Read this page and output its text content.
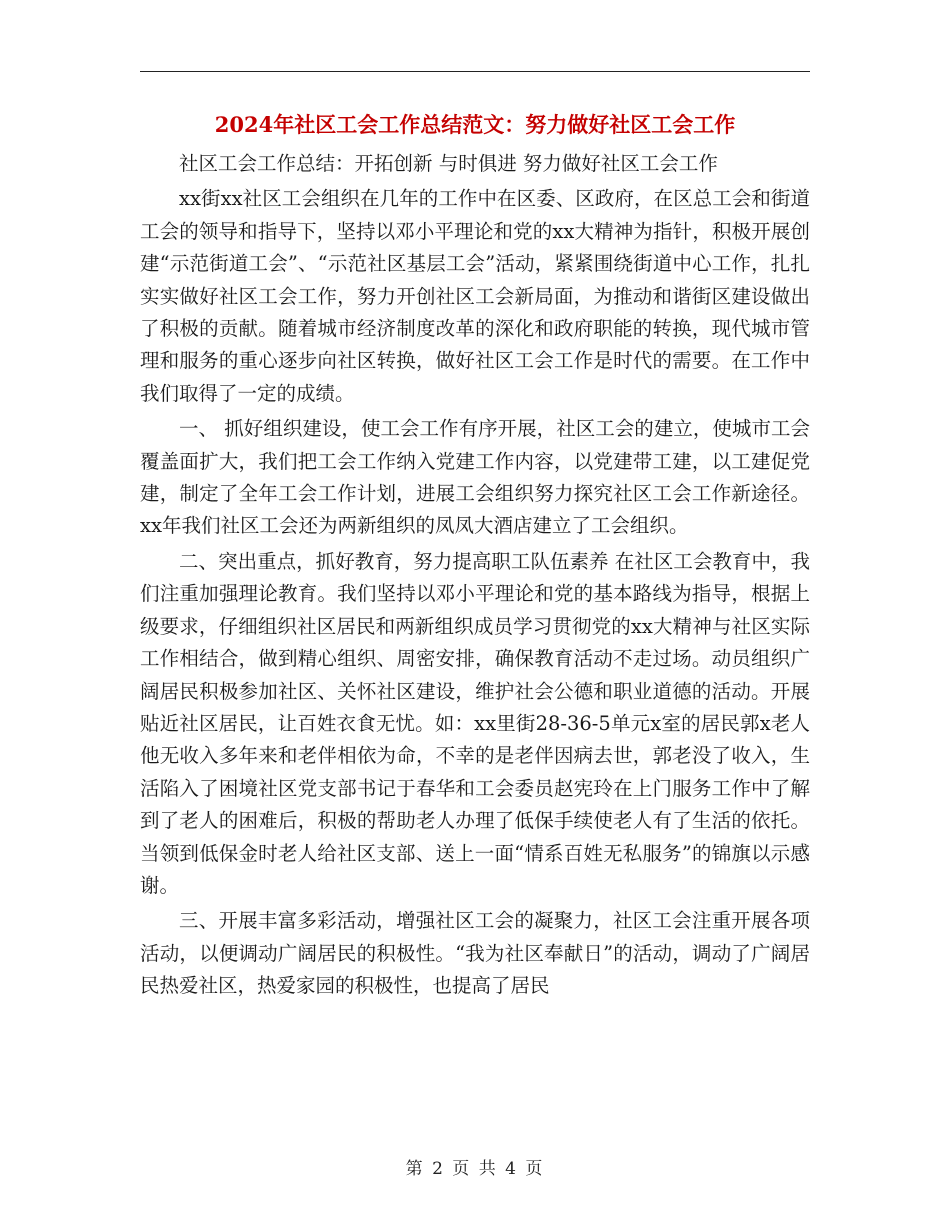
2024年社区工会工作总结范文：努力做好社区工会工作

社区工会工作总结：开拓创新 与时俱进 努力做好社区工会工作

xx街xx社区工会组织在几年的工作中在区委、区政府，在区总工会和街道工会的领导和指导下，坚持以邓小平理论和党的xx大精神为指针，积极开展创建“示范街道工会”、“示范社区基层工会”活动，紧紧围绕街道中心工作，扎扎实实做好社区工会工作，努力开创社区工会新局面，为推动和谐街区建设做出了积极的贡献。随着城市经济制度改革的深化和政府职能的转换，现代城市管理和服务的重心逐步向社区转换，做好社区工会工作是时代的需要。在工作中我们取得了一定的成绩。

一、 抓好组织建设，使工会工作有序开展，社区工会的建立，使城市工会覆盖面扩大，我们把工会工作纳入党建工作内容，以党建带工建，以工建促党建，制定了全年工会工作计划，进展工会组织努力探究社区工会工作新途径。xx年我们社区工会还为两新组织的凤凤大酒店建立了工会组织。

二、突出重点，抓好教育，努力提高职工队伍素养 在社区工会教育中，我们注重加强理论教育。我们坚持以邓小平理论和党的基本路线为指导，根据上级要求，仔细组织社区居民和两新组织成员学习贯彻党的xx大精神与社区实际工作相结合，做到精心组织、周密安排，确保教育活动不走过场。动员组织广阔居民积极参加社区、关怀社区建设，维护社会公德和职业道德的活动。开展贴近社区居民，让百姓衣食无忧。如：xx里街28-36-5单元x室的居民郭x老人他无收入多年来和老伴相依为命，不幸的是老伴因病去世，郭老没了收入，生活陷入了困境社区党支部书记于春华和工会委员赵宪玲在上门服务工作中了解到了老人的困难后，积极的帮助老人办理了低保手续使老人有了生活的依托。当领到低保金时老人给社区支部、送上一面“情系百姓无私服务”的锦旗以示感谢。

三、开展丰富多彩活动，增强社区工会的凝聚力，社区工会注重开展各项活动，以便调动广阔居民的积极性。“我为社区奉献日”的活动，调动了广阔居民热爱社区，热爱家园的积极性，也提高了居民

第 2 页 共 4 页
